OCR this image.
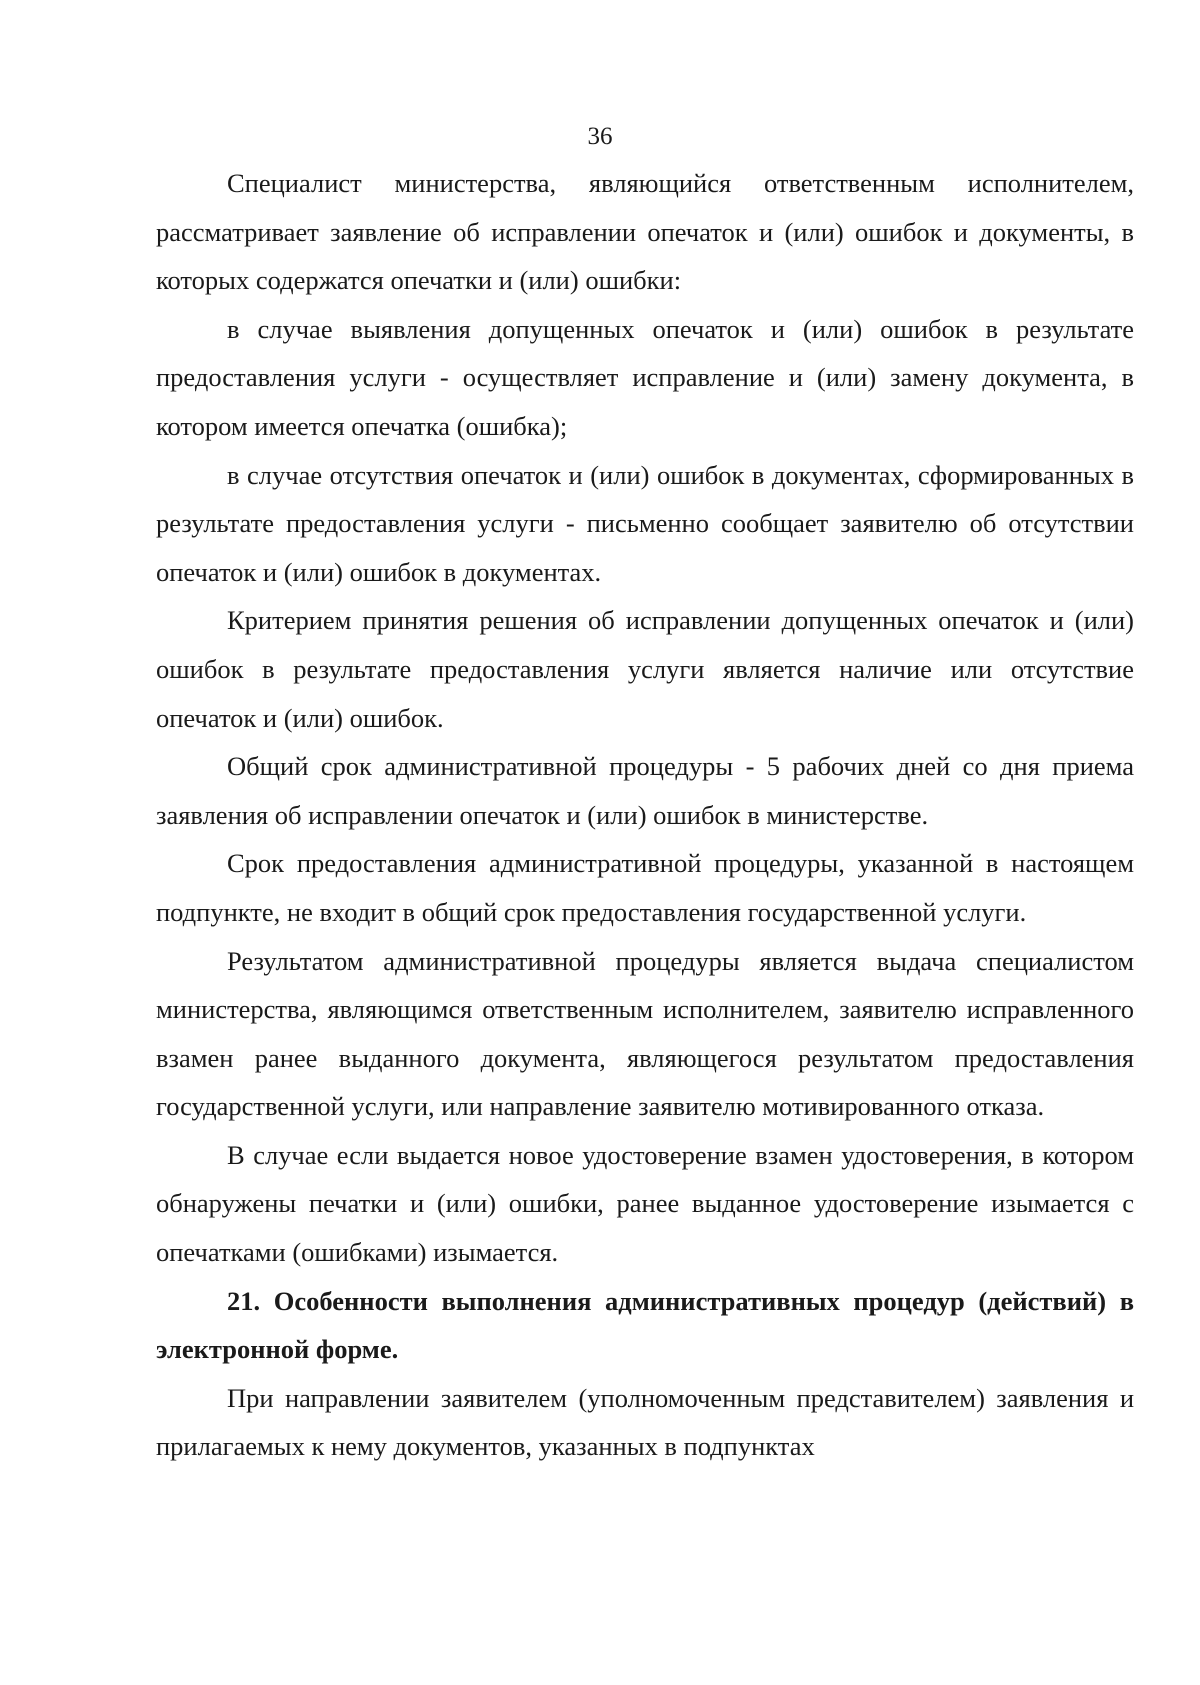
36

Специалист министерства, являющийся ответственным исполнителем, рассматривает заявление об исправлении опечаток и (или) ошибок и документы, в которых содержатся опечатки и (или) ошибки:

в случае выявления допущенных опечаток и (или) ошибок в результате предоставления услуги - осуществляет исправление и (или) замену документа, в котором имеется опечатка (ошибка);

в случае отсутствия опечаток и (или) ошибок в документах, сформированных в результате предоставления услуги - письменно сообщает заявителю об отсутствии опечаток и (или) ошибок в документах.

Критерием принятия решения об исправлении допущенных опечаток и (или) ошибок в результате предоставления услуги является наличие или отсутствие опечаток и (или) ошибок.

Общий срок административной процедуры - 5 рабочих дней со дня приема заявления об исправлении опечаток и (или) ошибок в министерстве.

Срок предоставления административной процедуры, указанной в настоящем подпункте, не входит в общий срок предоставления государственной услуги.

Результатом административной процедуры является выдача специалистом министерства, являющимся ответственным исполнителем, заявителю исправленного взамен ранее выданного документа, являющегося результатом предоставления государственной услуги, или направление заявителю мотивированного отказа.

В случае если выдается новое удостоверение взамен удостоверения, в котором обнаружены печатки и (или) ошибки, ранее выданное удостоверение изымается с опечатками (ошибками) изымается.

21. Особенности выполнения административных процедур (действий) в электронной форме.

При направлении заявителем (уполномоченным представителем) заявления и прилагаемых к нему документов, указанных в подпунктах
